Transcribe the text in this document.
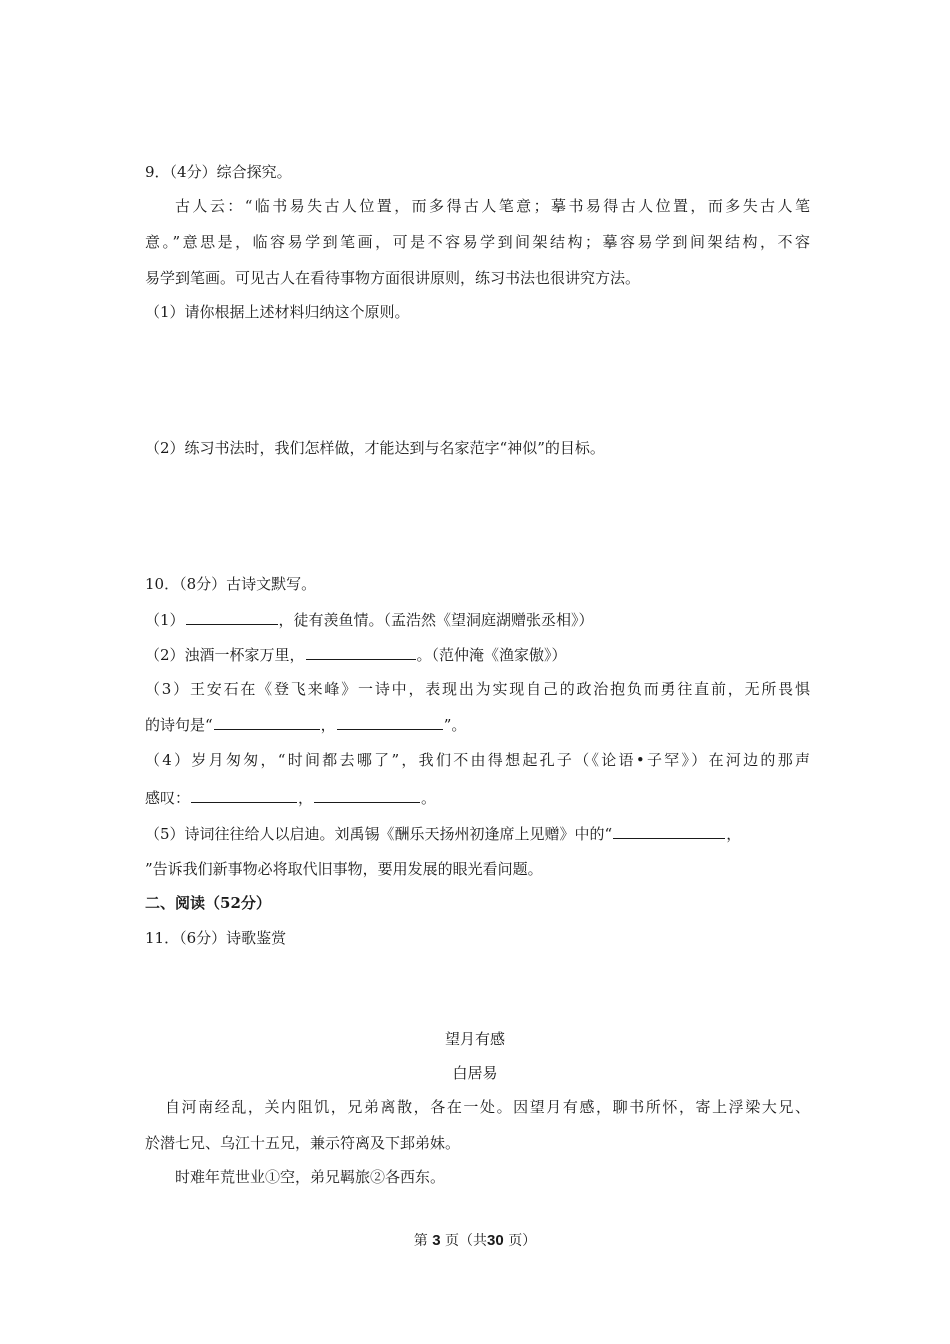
9．（4分）综合探究。
古人云：“临书易失古人位置，而多得古人笔意；摹书易得古人位置，而多失古人笔
意。”意思是，临容易学到笔画，可是不容易学到间架结构；摹容易学到间架结构，不容
易学到笔画。可见古人在看待事物方面很讲原则，练习书法也很讲究方法。
（1）请你根据上述材料归纳这个原则。
（2）练习书法时，我们怎样做，才能达到与名家范字“神似”的目标。
10．（8分）古诗文默写。
（1）	，徒有羡鱼情。（孟浩然《望洞庭湖赠张丞相》）
（2）浊酒一杯家万里，	。（范仲淹《渔家傲》）
（3）王安石在《登飞来峰》一诗中，表现出为实现自己的政治抱负而勇往直前，无所畏惧
的诗句是“	，	”。
（4）岁月匆匆，“时间都去哪了”，我们不由得想起孔子（《论语•子罕》）在河边的那声
感叹：	，	。
（5）诗词往往给人以启迪。刘禹锡《酬乐天扬州初逢席上见赠》中的“	，
”告诉我们新事物必将取代旧事物，要用发展的眼光看问题。
二、阅读（52分）
11．（6分）诗歌鉴赏
望月有感
白居易
自河南经乱，关内阻饥，兄弟离散，各在一处。因望月有感，聊书所怀，寄上浮梁大兄、
於潜七兄、乌江十五兄，兼示符离及下邽弟妹。
时难年荒世业①空，弟兄羁旅②各西东。
第 3 页（共30 页）
